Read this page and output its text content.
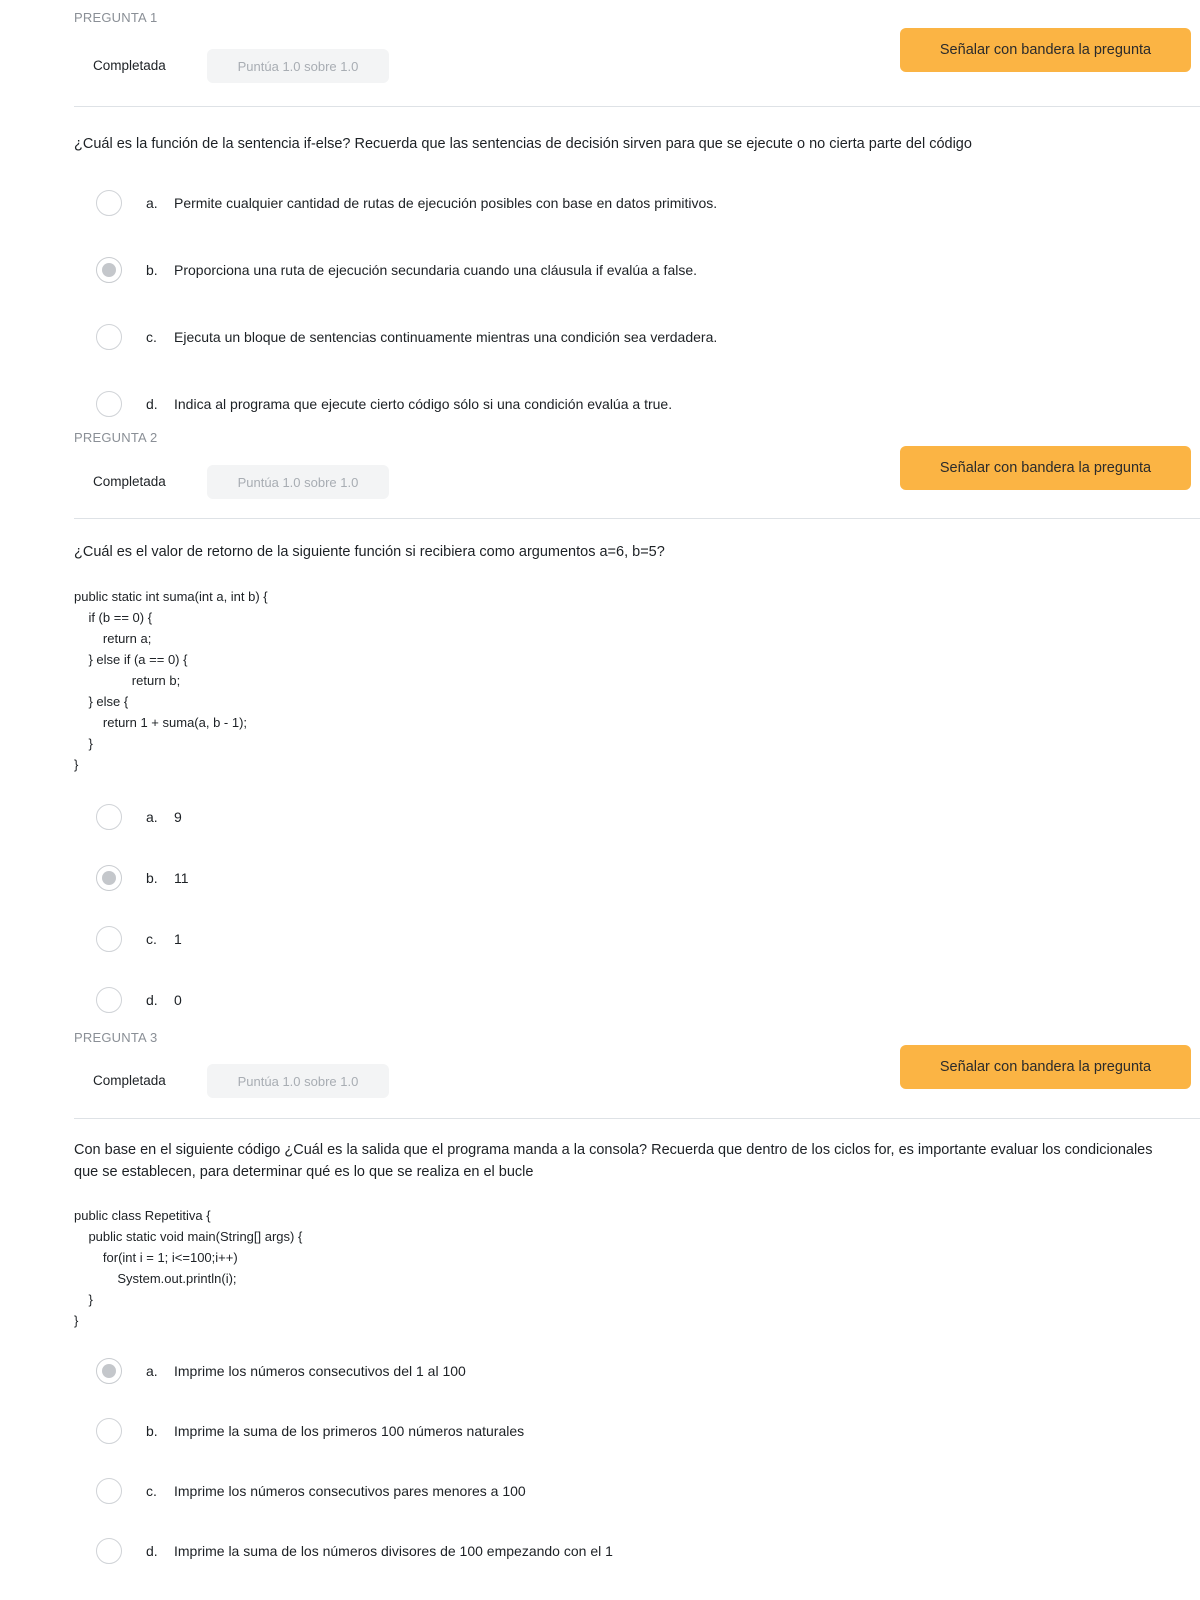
PREGUNTA 1
Completada	Puntúa 1.0 sobre 1.0
Señalar con bandera la pregunta
¿Cuál es la función de la sentencia if-else? Recuerda que las sentencias de decisión sirven para que se ejecute o no cierta parte del código
a.	Permite cualquier cantidad de rutas de ejecución posibles con base en datos primitivos.
b.	Proporciona una ruta de ejecución secundaria cuando una cláusula if evalúa a false.
c.	Ejecuta un bloque de sentencias continuamente mientras una condición sea verdadera.
d.	Indica al programa que ejecute cierto código sólo si una condición evalúa a true.
PREGUNTA 2
Completada	Puntúa 1.0 sobre 1.0
Señalar con bandera la pregunta
¿Cuál es el valor de retorno de la siguiente función si recibiera como argumentos a=6, b=5?
public static int suma(int a, int b) {
if (b == 0) {
return a;
} else if (a == 0) {
return b;
} else {
return 1 + suma(a, b - 1);
}
}
a.	9
b.	11
c.	1
d.	0
PREGUNTA 3
Completada	Puntúa 1.0 sobre 1.0
Señalar con bandera la pregunta
Con base en el siguiente código ¿Cuál es la salida que el programa manda a la consola? Recuerda que dentro de los ciclos for, es importante evaluar los condicionales que se establecen, para determinar qué es lo que se realiza en el bucle
public class Repetitiva {
public static void main(String[] args) {
for(int i = 1; i<=100;i++)
System.out.println(i);
}
}
a.	Imprime los números consecutivos del 1 al 100
b.	Imprime la suma de los primeros 100 números naturales
c.	Imprime los números consecutivos pares menores a 100
d.	Imprime la suma de los números divisores de 100 empezando con el 1
